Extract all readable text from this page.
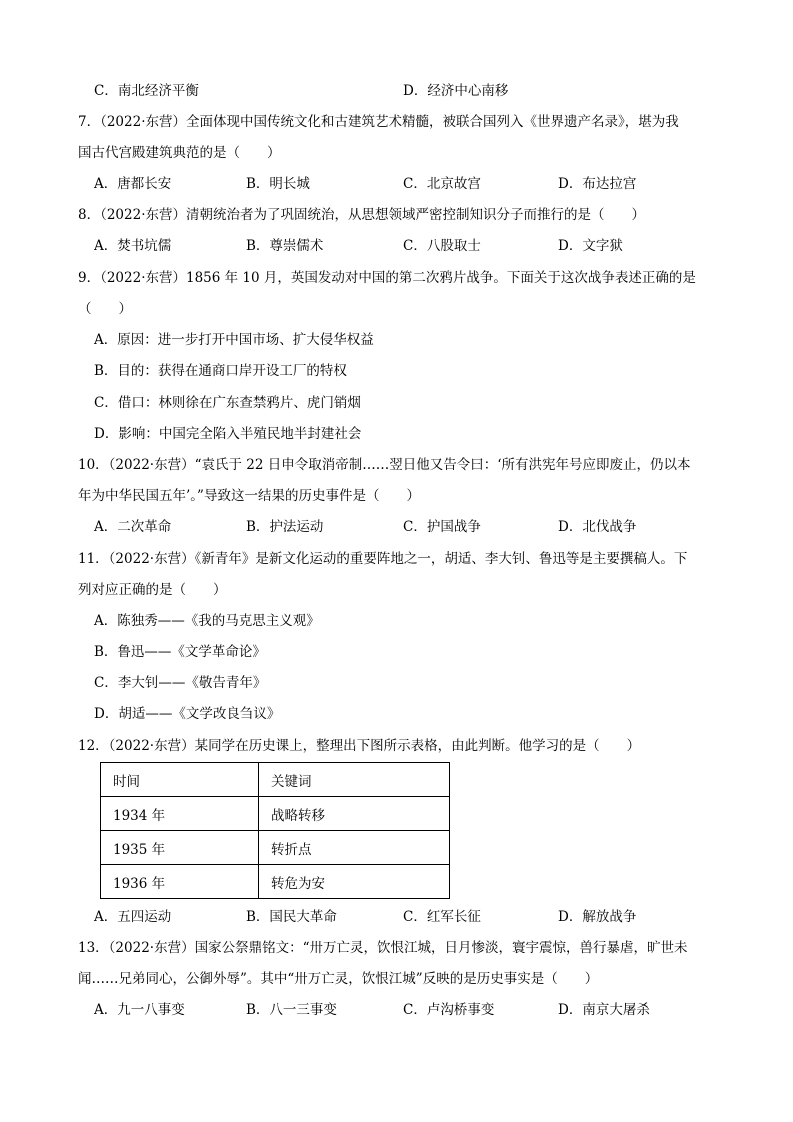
C．南北经济平衡	D．经济中心南移
7．（2022·东营）全面体现中国传统文化和古建筑艺术精髓，被联合国列入《世界遗产名录》，堪为我
国古代宫殿建筑典范的是（　　）
A．唐都长安	B．明长城	C．北京故宫	D．布达拉宫
8．（2022·东营）清朝统治者为了巩固统治，从思想领域严密控制知识分子而推行的是（　　）
A．焚书坑儒	B．尊崇儒术	C．八股取士	D．文字狱
9．（2022·东营）1856 年 10 月，英国发动对中国的第二次鸦片战争。下面关于这次战争表述正确的是
（　　）
A．原因：进一步打开中国市场、扩大侵华权益
B．目的：获得在通商口岸开设工厂的特权
C．借口：林则徐在广东查禁鸦片、虎门销烟
D．影响：中国完全陷入半殖民地半封建社会
10．（2022·东营）“袁氏于 22 日申令取消帝制……翌日他又告令曰：‘所有洪宪年号应即废止，仍以本
年为中华民国五年’。”导致这一结果的历史事件是（　　）
A．二次革命	B．护法运动	C．护国战争	D．北伐战争
11．（2022·东营）《新青年》是新文化运动的重要阵地之一，胡适、李大钊、鲁迅等是主要撰稿人。下
列对应正确的是（　　）
A．陈独秀——《我的马克思主义观》
B．鲁迅——《文学革命论》
C．李大钊——《敬告青年》
D．胡适——《文学改良刍议》
12．（2022·东营）某同学在历史课上，整理出下图所示表格，由此判断。他学习的是（　　）
时间	关键词
1934 年	战略转移
1935 年	转折点
1936 年	转危为安
A．五四运动	B．国民大革命	C．红军长征	D．解放战争
13．（2022·东营）国家公祭鼎铭文：“卅万亡灵，饮恨江城，日月惨淡，寰宇震惊，兽行暴虐，旷世未
闻……兄弟同心，公御外辱”。其中“卅万亡灵，饮恨江城”反映的是历史事实是（　　）
A．九一八事变	B．八一三事变	C．卢沟桥事变	D．南京大屠杀
